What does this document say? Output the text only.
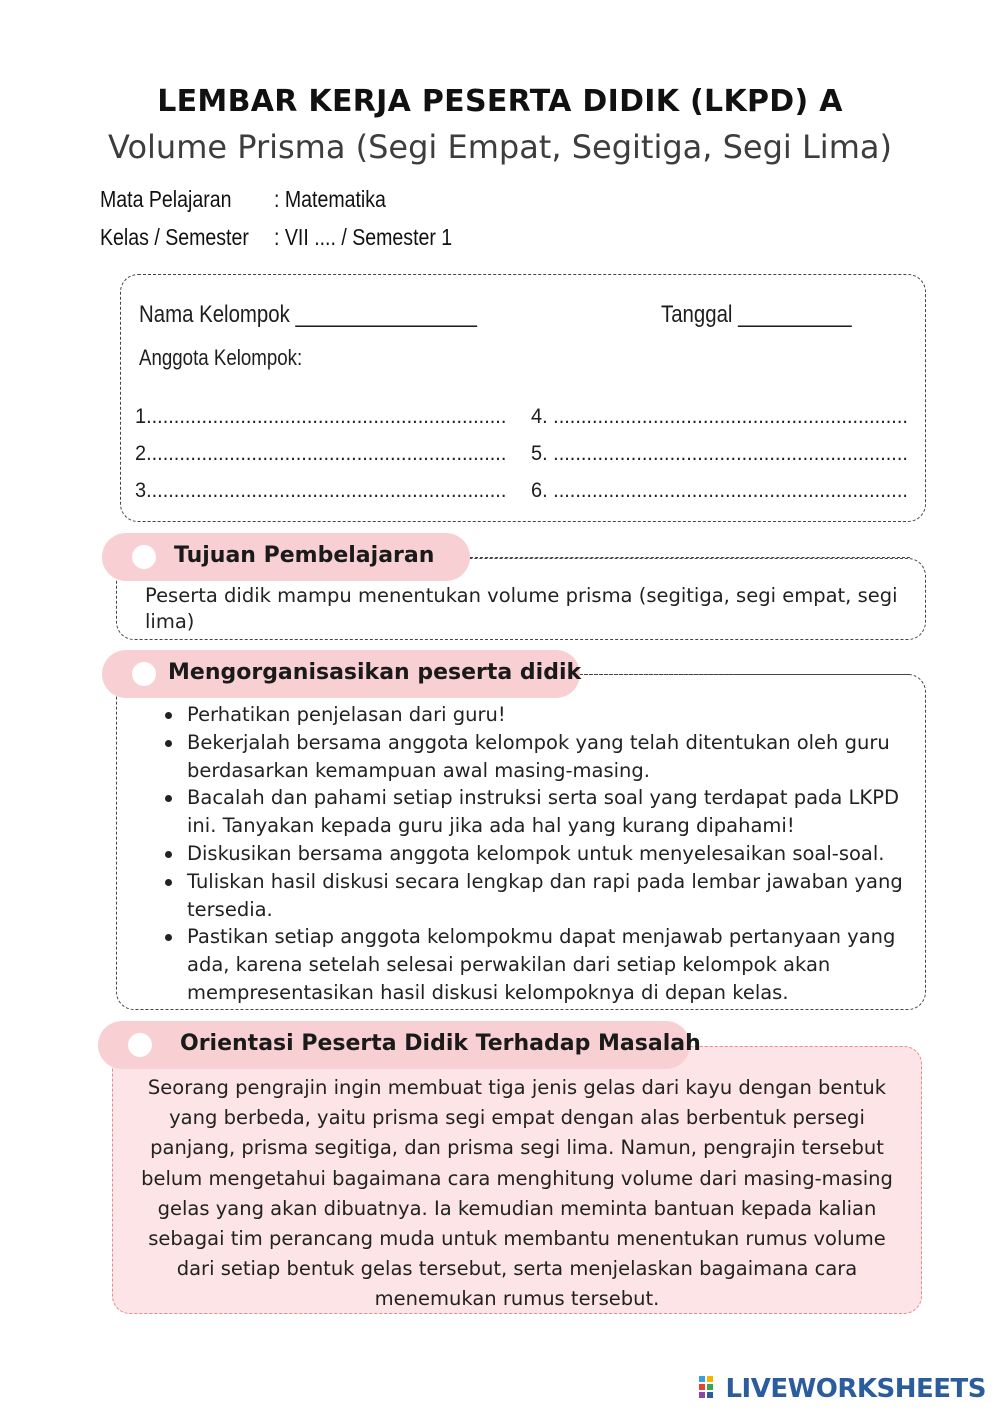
LEMBAR KERJA PESERTA DIDIK (LKPD) A
Volume Prisma (Segi Empat, Segitiga, Segi Lima)
Mata Pelajaran : Matematika
Kelas / Semester : VII .... / Semester 1
Nama Kelompok ________________	Tanggal __________
Anggota Kelompok:
1.................................................................
2.................................................................
3.................................................................
4. ................................................................
5. ................................................................
6. ................................................................
Peserta didik mampu menentukan volume prisma (segitiga, segi empat, segi lima)
Tujuan Pembelajaran
Perhatikan penjelasan dari guru!
Bekerjalah bersama anggota kelompok yang telah ditentukan oleh guru berdasarkan kemampuan awal masing-masing.
Bacalah dan pahami setiap instruksi serta soal yang terdapat pada LKPD ini. Tanyakan kepada guru jika ada hal yang kurang dipahami!
Diskusikan bersama anggota kelompok untuk menyelesaikan soal-soal.
Tuliskan hasil diskusi secara lengkap dan rapi pada lembar jawaban yang tersedia.
Pastikan setiap anggota kelompokmu dapat menjawab pertanyaan yang ada, karena setelah selesai perwakilan dari setiap kelompok akan mempresentasikan hasil diskusi kelompoknya di depan kelas.
Mengorganisasikan peserta didik
Seorang pengrajin ingin membuat tiga jenis gelas dari kayu dengan bentuk yang berbeda, yaitu prisma segi empat dengan alas berbentuk persegi panjang, prisma segitiga, dan prisma segi lima. Namun, pengrajin tersebut belum mengetahui bagaimana cara menghitung volume dari masing-masing gelas yang akan dibuatnya. Ia kemudian meminta bantuan kepada kalian sebagai tim perancang muda untuk membantu menentukan rumus volume dari setiap bentuk gelas tersebut, serta menjelaskan bagaimana cara menemukan rumus tersebut.
Orientasi Peserta Didik Terhadap Masalah
LIVEWORKSHEETS
